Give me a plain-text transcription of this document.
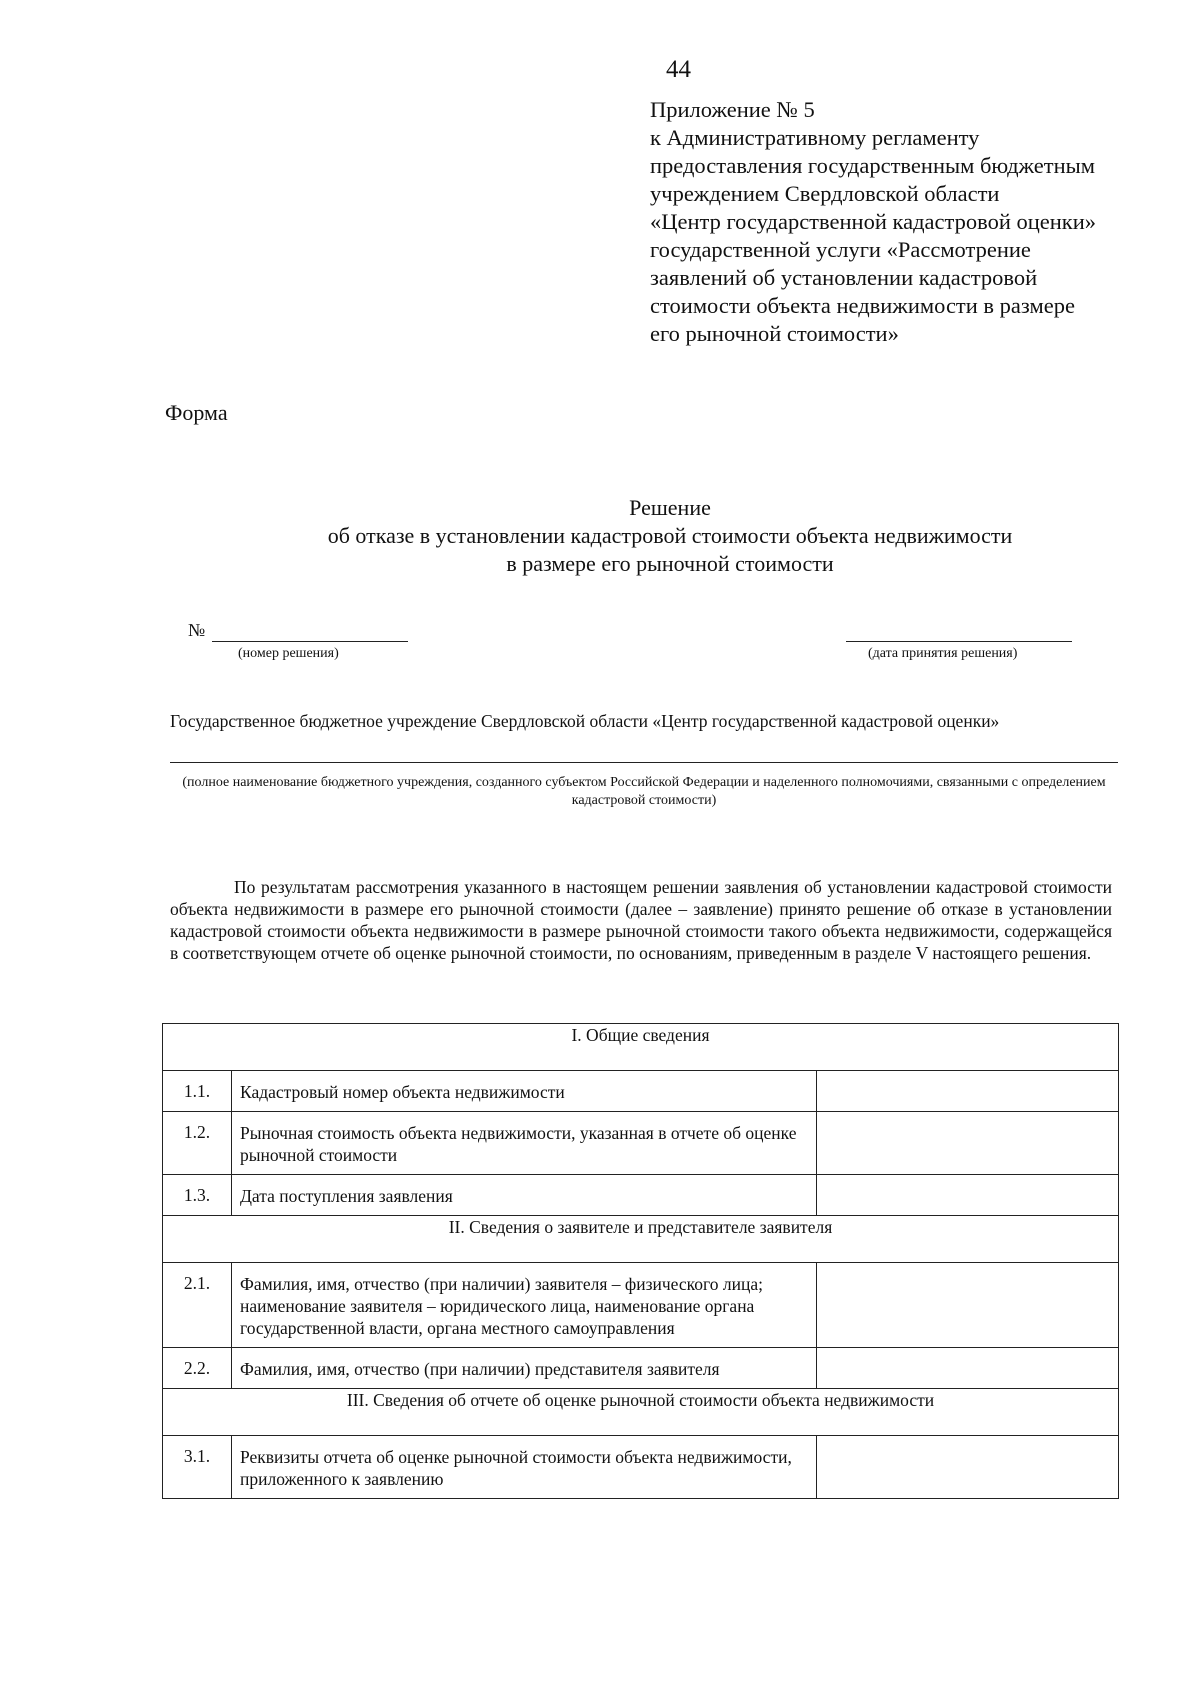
44
Приложение № 5
к Административному регламенту
предоставления государственным бюджетным
учреждением Свердловской области
«Центр государственной кадастровой оценки»
государственной услуги «Рассмотрение
заявлений об установлении кадастровой
стоимости объекта недвижимости в размере
его рыночной стоимости»
Форма
Решение
об отказе в установлении кадастровой стоимости объекта недвижимости
в размере его рыночной стоимости
№
(номер решения)	(дата принятия решения)
Государственное бюджетное учреждение Свердловской области «Центр государственной кадастровой оценки»
(полное наименование бюджетного учреждения, созданного субъектом Российской Федерации и наделенного полномочиями, связанными с определением кадастровой стоимости)
По результатам рассмотрения указанного в настоящем решении заявления об установлении кадастровой стоимости объекта недвижимости в размере его рыночной стоимости (далее – заявление) принято решение об отказе в установлении кадастровой стоимости объекта недвижимости в размере рыночной стоимости такого объекта недвижимости, содержащейся в соответствующем отчете об оценке рыночной стоимости, по основаниям, приведенным в разделе V настоящего решения.
I. Общие сведения		
1.1.	Кадастровый номер объекта недвижимости	
1.2.	Рыночная стоимость объекта недвижимости, указанная в отчете об оценке рыночной стоимости	
1.3.	Дата поступления заявления	
II. Сведения о заявителе и представителе заявителя		
2.1.	Фамилия, имя, отчество (при наличии) заявителя – физического лица; наименование заявителя – юридического лица, наименование органа государственной власти, органа местного самоуправления	
2.2.	Фамилия, имя, отчество (при наличии) представителя заявителя	
III. Сведения об отчете об оценке рыночной стоимости объекта недвижимости		
3.1.	Реквизиты отчета об оценке рыночной стоимости объекта недвижимости, приложенного к заявлению	
